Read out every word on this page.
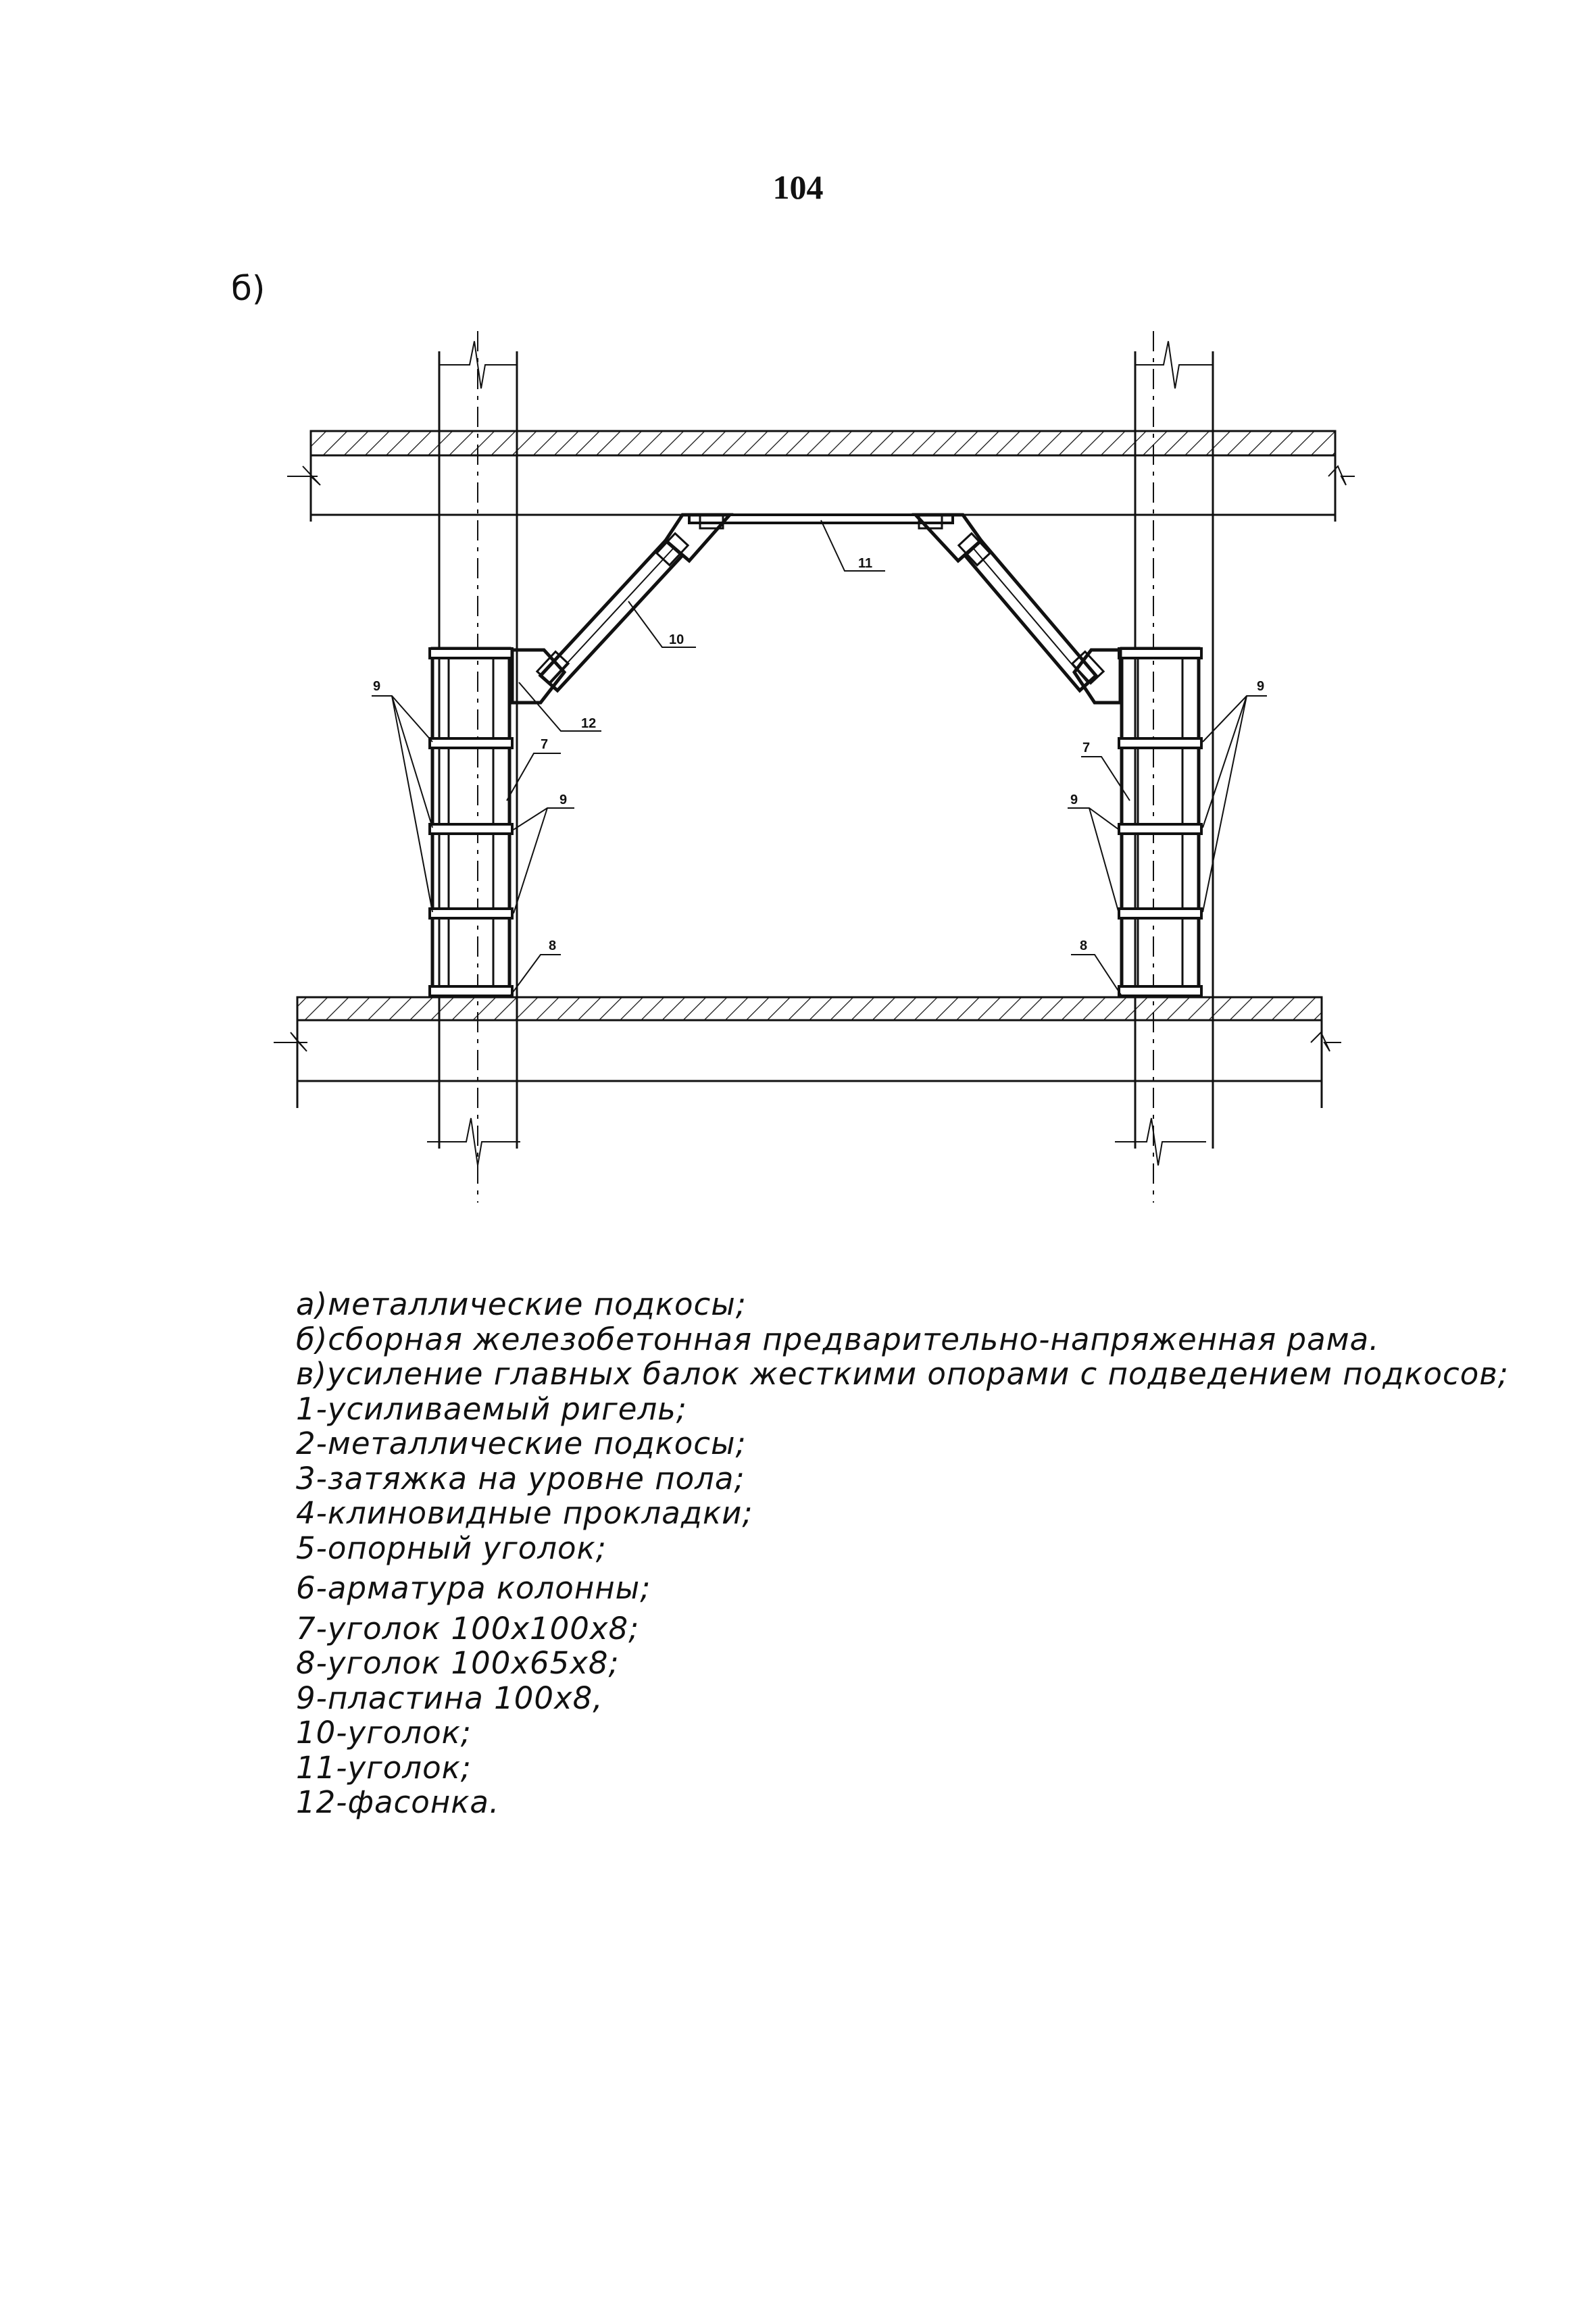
104
б)
11
10
12
9
7
9
8
9
7
9
8
а)металлические подкосы;
б)сборная железобетонная предварительно-напряженная рама.
в)усиление главных балок жесткими опорами с подведением подкосов;
1-усиливаемый ригель;
2-металлические подкосы;
3-затяжка на уровне пола;
4-клиновидные прокладки;
5-опорный уголок;
6-арматура колонны;
7-уголок 100x100x8;
8-уголок 100x65x8;
9-пластина 100x8,
10-уголок;
11-уголок;
12-фасонка.
